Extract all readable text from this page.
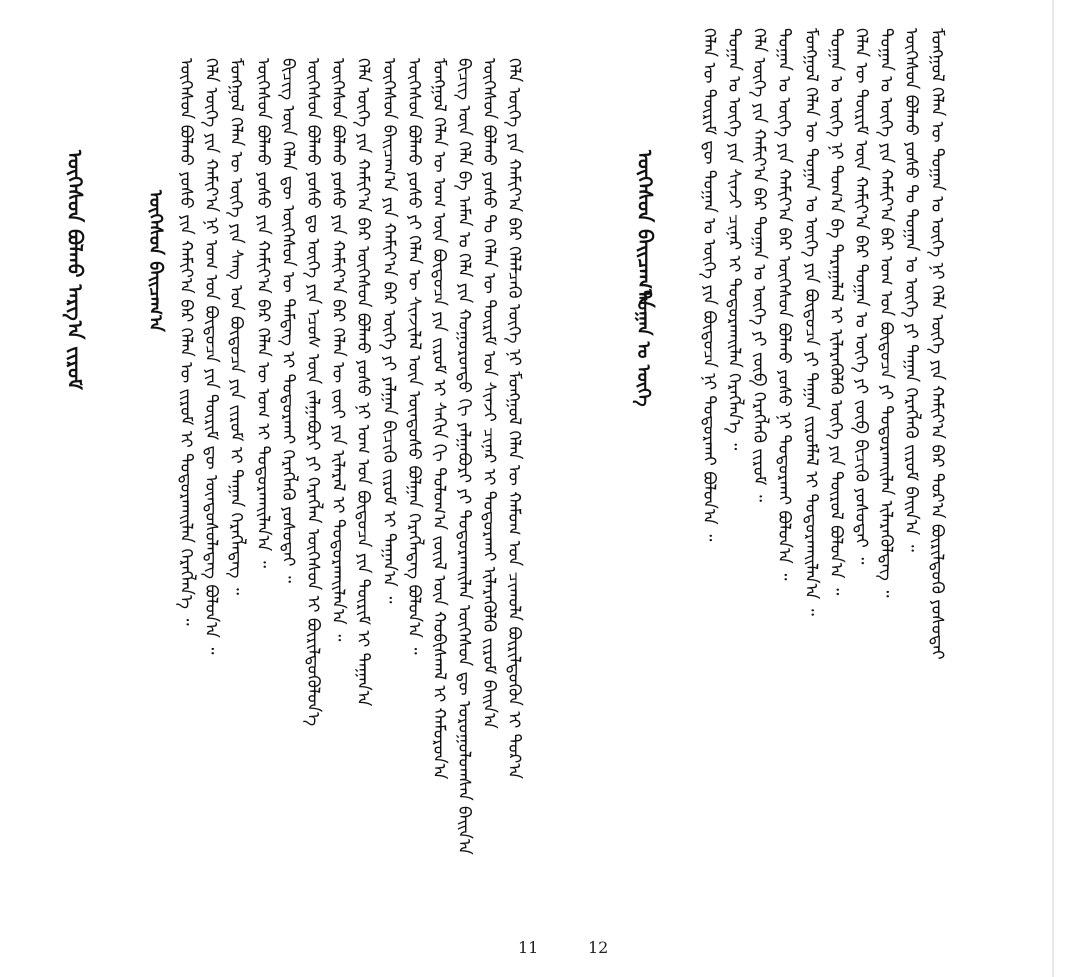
ᠦᠭᠡᠰᠦᠨ ᠪᠤᠯᠬᠤ ᠠᠷᠭ᠎ᠠ ᠵᠢᠷᠤᠮ	ᠦᠭᠡᠰᠦᠨ ᠪᠠᠢᠴᠠᠭ᠎ᠠ ᠦᠭᠡᠰᠦᠨ ᠪᠤᠯᠬᠤ ᠶᠤᠰᠤ ᠶᠢᠨ ᠬᠠᠮᠢᠶ᠎ᠠ ᠪᠠᠷ ᠬᠡᠯᠡᠨ ᠦ ᠵᠢᠷᠤᠮ ᠢ ᠲᠣᠳᠤᠷᠬᠠᠢᠯᠠᠨ ᠬᠡᠷᠡᠭᠯᠡᠨ᠎ᠡ ᠃ ᠬᠡᠯᠡ ᠦᠭᠡ ᠶᠢᠨ ᠬᠠᠮᠢᠶ᠎ᠠ ᠨᠢ ᠤᠭ ᠤᠨ ᠪᠦᠲᠦᠴᠡ ᠶᠢᠨ ᠳᠦᠷᠢᠮ ᠳᠦ ᠦᠨᠳᠦᠰᠦᠯᠡᠳᠡᠭ ᠪᠣᠯᠤᠨ᠎ᠠ ᠃ ᠮᠣᠩᠭᠣᠯ ᠬᠡᠯᠡᠨ ᠦ ᠦᠭᠡ ᠶᠢᠨ ᠰᠠᠩ ᠤᠨ ᠪᠦᠲᠦᠴᠡ ᠶᠢᠨ ᠵᠢᠷᠤᠮ ᠢ ᠳᠠᠭᠠᠨ ᠬᠡᠷᠡᠭᠯᠡᠳᠡᠭ ᠃ ᠦᠭᠡᠰᠦᠨ ᠪᠤᠯᠬᠤ ᠶᠤᠰᠤ ᠶᠢᠨ ᠬᠠᠮᠢᠶ᠎ᠠ ᠪᠠᠷ ᠬᠡᠯᠡᠨ ᠦ ᠤᠭ ᠢ ᠲᠣᠳᠤᠷᠬᠠᠢᠯᠠᠨ᠎ᠠ ᠃ ᠪᠢᠴᠢᠭ᠌ ᠦᠨ ᠬᠡᠯᠡᠨ ᠳᠦ ᠦᠭᠡᠰᠦᠨ ᠦ ᠲᠡᠮᠳᠡᠭ ᠢ ᠲᠣᠳᠤᠷᠬᠠᠢ ᠬᠡᠷᠡᠭᠯᠡᠬᠦ ᠶᠤᠰᠤᠲᠠᠢ ᠃ ᠦᠭᠡᠰᠦᠨ ᠪᠤᠯᠬᠤ ᠶᠤᠰᠤ ᠳᠤ ᠦᠭᠡ ᠶᠢᠨ ᠡᠴᠦᠰ ᠦᠨ ᠵᠠᠯᠭᠠᠪᠤᠷᠢ ᠶᠢ ᠬᠡᠷᠡᠭᠯᠡᠨ ᠦᠭᠡᠰᠦᠨ ᠢ ᠪᠦᠷᠢᠯᠳᠦᠭᠦᠯᠦᠨ᠎ᠡ ᠦᠭᠡᠰᠦᠨ ᠪᠤᠯᠬᠤ ᠶᠤᠰᠤ ᠶᠢᠨ ᠬᠠᠮᠢᠶ᠎ᠠ ᠪᠠᠷ ᠬᠡᠯᠡᠨ ᠦ ᠵᠦᠢ ᠶᠢᠨ ᠢᠯᠡᠷᠡᠯ ᠢ ᠲᠣᠳᠤᠷᠬᠠᠢᠯᠠᠨ᠎ᠠ ᠃ ᠬᠡᠯᠡ ᠦᠭᠡ ᠶᠢᠨ ᠬᠠᠮᠢᠶ᠎ᠠ ᠪᠠᠷ ᠦᠭᠡᠰᠦᠨ ᠪᠤᠯᠬᠤ ᠶᠤᠰᠤ ᠨᠢ ᠤᠭ ᠤᠨ ᠪᠦᠲᠦᠴᠡ ᠶᠢᠨ ᠳᠦᠷᠢᠮ ᠢ ᠳᠠᠭᠠᠨ᠎ᠠ ᠦᠭᠡᠰᠦᠨ ᠪᠠᠢᠴᠠᠭ᠎ᠠ ᠶᠢᠨ ᠬᠠᠮᠢᠶ᠎ᠠ ᠪᠠᠷ ᠦᠭᠡ ᠶᠢ ᠶᠠᠯᠭᠠᠨ ᠪᠢᠴᠢᠬᠦ ᠵᠢᠷᠤᠮ ᠢ ᠳᠠᠭᠠᠨ᠎ᠠ ᠃ ᠦᠭᠡᠰᠦᠨ ᠪᠤᠯᠬᠤ ᠶᠤᠰᠤ ᠶᠢ ᠬᠡᠯᠡᠨ ᠦ ᠰᠢᠨᠵᠢᠯᠡᠯ ᠦᠨ ᠦᠨᠳᠦᠰᠦ ᠪᠣᠯᠭᠠᠨ ᠬᠡᠷᠡᠭᠯᠡᠳᠡᠭ ᠪᠣᠯᠤᠨ᠎ᠠ ᠃ ᠮᠣᠩᠭᠣᠯ ᠬᠡᠯᠡᠨ ᠦ ᠤᠭ ᠦᠨ ᠪᠦᠲᠦᠴᠡ ᠶᠢᠨ ᠵᠢᠷᠤᠮ ᠢ ᠰᠠᠬᠢᠨ ᠬᠢ ᠳᠣᠯᠣᠭ᠎ᠠ ᠵᠦᠢᠯ ᠦᠨ ᠬᠤᠪᠢᠰᠬᠠᠯ ᠢ ᠬᠠᠮᠤᠷᠤᠨ᠎ᠠ ᠪᠢᠴᠢᠭ᠌ ᠦᠨ ᠬᠡᠯᠡ ᠪᠠ ᠠᠮᠠᠨ ᠤ ᠬᠡᠯᠡ ᠶᠢᠨ ᠬᠣᠭᠣᠷᠤᠨᠳᠤ ᠬᠢ ᠶᠠᠯᠭᠠᠪᠤᠷᠢ ᠶᠢ ᠲᠣᠳᠤᠷᠬᠠᠢᠯᠠᠨ ᠦᠭᠡᠰᠦᠨ ᠳᠦ ᠣᠷᠣᠭᠤᠯᠤᠭᠰᠠᠨ ᠪᠠᠢᠨ᠎ᠠ ᠦᠭᠡᠰᠦᠨ ᠪᠤᠯᠬᠤ ᠶᠤᠰᠤ ᠲᠤ ᠬᠡᠯᠡᠨ ᠦ ᠳᠦᠷᠢᠮ ᠤᠨ ᠰᠢᠨᠵᠢ ᠴᠢᠨᠠᠷ ᠢ ᠲᠣᠳᠤᠷᠬᠠᠢ ᠢᠯᠡᠷᠡᠭᠦᠯᠬᠦ ᠵᠢᠷᠤᠮ ᠪᠠᠢᠨ᠎ᠠ ᠬᠡᠯᠡ ᠦᠭᠡ ᠶᠢᠨ ᠬᠠᠮᠢᠶ᠎ᠠ ᠪᠠᠷ ᠬᠡᠯᠡᠯᠴᠡᠬᠦ ᠦᠭᠡ ᠨᠢ ᠮᠣᠩᠭᠣᠯ ᠬᠡᠯᠡᠨ ᠦ ᠬᠠᠮᠤᠭ ᠤᠨ ᠴᠢᠬᠤᠯᠠ ᠪᠦᠷᠢᠯᠳᠦᠬᠦᠨ ᠢ ᠳᠤᠷ᠎ᠠ
11
ᠦᠭᠡᠰᠦᠨ ᠪᠠᠢᠴᠠᠭ᠎ᠠ
ᠲᠣᠭᠠᠨ ᠤ ᠦᠭᠡ	ᠬᠡᠯᠡᠨ ᠦ ᠳᠦᠷᠢᠮ ᠳᠦ ᠲᠣᠭᠠᠨ ᠤ ᠦᠭᠡ ᠶᠢᠨ ᠪᠦᠲᠦᠴᠡ ᠨᠢ ᠲᠣᠳᠤᠷᠬᠠᠢ ᠪᠣᠯᠤᠨ᠎ᠠ ᠃ ᠲᠣᠭᠠᠨ ᠤ ᠦᠭᠡ ᠶᠢᠨ ᠰᠢᠨᠵᠢ ᠴᠢᠨᠠᠷ ᠢ ᠲᠣᠳᠤᠷᠬᠠᠢᠯᠠᠨ ᠬᠡᠷᠡᠭᠯᠡᠨ᠎ᠡ ᠃ ᠬᠡᠯᠡ ᠦᠭᠡ ᠶᠢᠨ ᠬᠠᠮᠢᠶ᠎ᠠ ᠪᠠᠷ ᠲᠣᠭᠠᠨ ᠤ ᠦᠭᠡ ᠶᠢ ᠵᠦᠪ ᠬᠡᠷᠡᠭᠯᠡᠬᠦ ᠵᠢᠷᠤᠮ ᠃ ᠲᠣᠭᠠᠨ ᠤ ᠦᠭᠡ ᠶᠢᠨ ᠬᠠᠮᠢᠶ᠎ᠠ ᠪᠠᠷ ᠦᠭᠡᠰᠦᠨ ᠪᠤᠯᠬᠤ ᠶᠤᠰᠤ ᠨᠢ ᠲᠣᠳᠤᠷᠬᠠᠢ ᠪᠣᠯᠤᠨ᠎ᠠ ᠃ ᠮᠣᠩᠭᠣᠯ ᠬᠡᠯᠡᠨ ᠦ ᠲᠣᠭᠠᠨ ᠤ ᠦᠭᠡ ᠶᠢᠨ ᠪᠦᠲᠦᠴᠡ ᠶᠢ ᠳᠠᠭᠠᠨ ᠵᠢᠷᠤᠮᠯᠠᠯ ᠢ ᠲᠣᠳᠤᠷᠬᠠᠢᠯᠠᠨ᠎ᠠ ᠃ ᠲᠣᠭᠠᠨ ᠤ ᠦᠭᠡ ᠨᠢ ᠲᠣᠭ᠎ᠠ ᠪᠠ ᠳᠠᠷᠠᠭᠠᠯᠠᠯ ᠢ ᠢᠯᠡᠷᠡᠭᠦᠯᠬᠦ ᠦᠭᠡ ᠶᠢᠨ ᠲᠦᠷᠦᠯ ᠪᠣᠯᠤᠨ᠎ᠠ ᠃ ᠬᠡᠯᠡᠨ ᠦ ᠳᠦᠷᠢᠮ ᠦᠨ ᠬᠠᠮᠢᠶ᠎ᠠ ᠪᠠᠷ ᠲᠣᠭᠠᠨ ᠤ ᠦᠭᠡ ᠶᠢ ᠵᠦᠪ ᠪᠢᠴᠢᠬᠦ ᠶᠤᠰᠤᠲᠠᠢ ᠃ ᠲᠣᠭᠠᠨ ᠤ ᠦᠭᠡ ᠶᠢᠨ ᠬᠠᠮᠢᠶ᠎ᠠ ᠪᠠᠷ ᠤᠭ ᠤᠨ ᠪᠦᠲᠦᠴᠡ ᠶᠢ ᠲᠣᠳᠤᠷᠬᠠᠢᠯᠠᠨ ᠢᠯᠡᠷᠡᠭᠦᠯᠳᠡᠭ ᠃ ᠦᠭᠡᠰᠦᠨ ᠪᠤᠯᠬᠤ ᠶᠤᠰᠤ ᠲᠤ ᠲᠣᠭᠠᠨ ᠤ ᠦᠭᠡ ᠶᠢ ᠳᠠᠭᠠᠨ ᠬᠡᠷᠡᠭᠯᠡᠬᠦ ᠵᠢᠷᠤᠮ ᠪᠠᠢᠨ᠎ᠠ ᠃ ᠮᠣᠩᠭᠣᠯ ᠬᠡᠯᠡᠨ ᠦ ᠲᠣᠭᠠᠨ ᠤ ᠦᠭᠡ ᠨᠢ ᠬᠡᠯᠡ ᠦᠭᠡ ᠶᠢᠨ ᠬᠠᠮᠢᠶ᠎ᠠ ᠪᠠᠷ ᠳᠤᠷ᠎ᠠ ᠪᠦᠷᠢᠯᠳᠦᠬᠦ ᠶᠤᠰᠤᠲᠠᠢ
12
